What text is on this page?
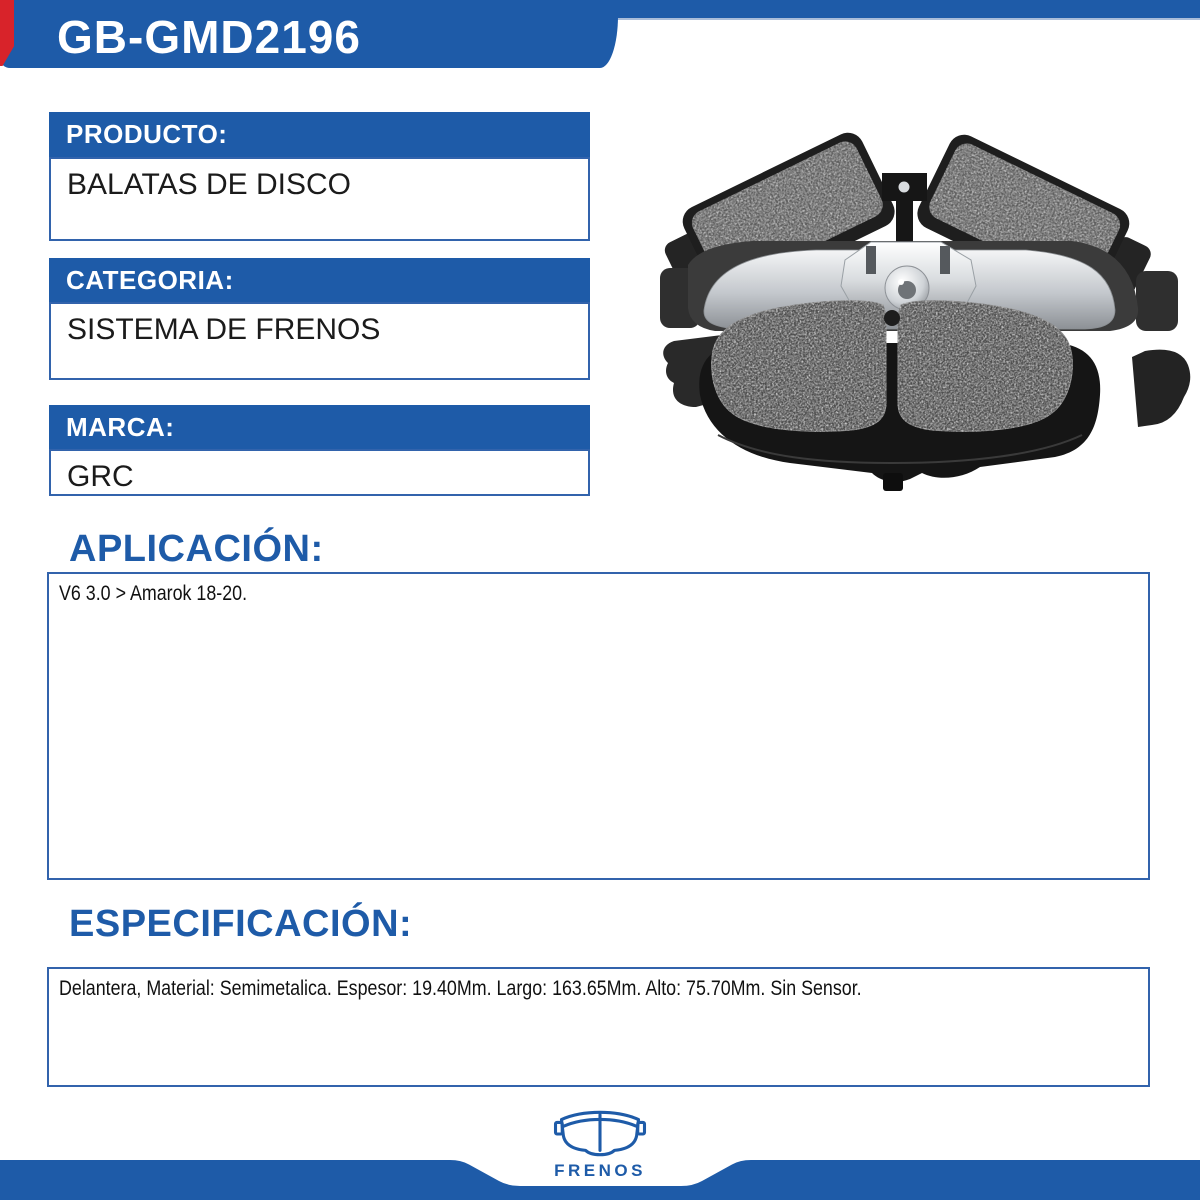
GB-GMD2196
PRODUCTO:
BALATAS DE DISCO
CATEGORIA:
SISTEMA DE FRENOS
MARCA:
GRC
APLICACIÓN:
V6 3.0 > Amarok 18-20.
ESPECIFICACIÓN:
Delantera, Material: Semimetalica. Espesor: 19.40Mm. Largo: 163.65Mm. Alto: 75.70Mm. Sin Sensor.
FRENOS
